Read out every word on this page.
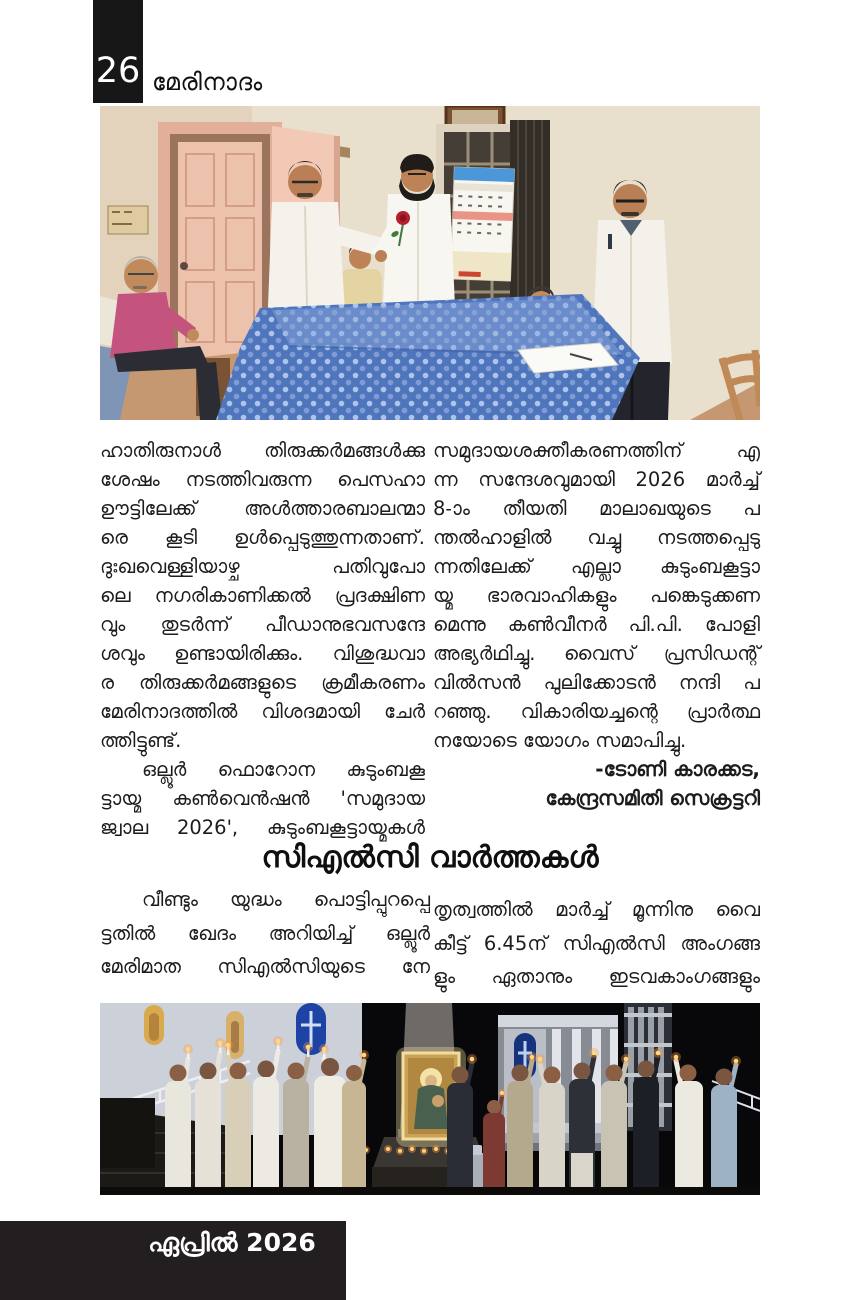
26 മേരിനാദം
ഹാതിരുനാൾ തിരുക്കർമങ്ങൾക്കു
ശേഷം നടത്തിവരുന്ന പെസഹാ
ഊട്ടിലേക്ക് അൾത്താരബാലന്മാ
രെ കൂടി ഉൾപ്പെടുത്തുന്നതാണ്.
ദുഃഖവെള്ളിയാഴ്ച	പതിവുപോ
ലെ നഗരികാണിക്കൽ പ്രദക്ഷിണ
വും തുടർന്ന് പീഡാനുഭവസന്ദേ
ശവും ഉണ്ടായിരിക്കും. വിശുദ്ധവാ
ര തിരുക്കർമങ്ങളുടെ ക്രമീകരണം
മേരിനാദത്തിൽ വിശദമായി ചേർ
ത്തിട്ടുണ്ട്.
ഒല്ലൂർ ഫൊറോന കുടുംബകൂ
ട്ടായ്മ കൺവെൻഷൻ 'സമുദായ
ജ്വാല 2026', കുടുംബകൂട്ടായ്മകൾ
സമുദായശക്തീകരണത്തിന്	എ
ന്ന സന്ദേശവുമായി 2026 മാർച്ച്
8-ാം തീയതി മാലാഖയുടെ പ
ന്തൽഹാളിൽ വച്ചു നടത്തപ്പെടു
ന്നതിലേക്ക് എല്ലാ കുടുംബകൂട്ടാ
യ്മ ഭാരവാഹികളും പങ്കെടുക്കണ
മെന്നു കൺവീനർ പി.പി. പോളി
അഭ്യർഥിച്ചു. വൈസ് പ്രസിഡന്റ്
വിൽസൻ പുലിക്കോടൻ നന്ദി പ
റഞ്ഞു. വികാരിയച്ചന്റെ പ്രാർത്ഥ
നയോടെ യോഗം സമാപിച്ചു.
-ടോണി കാരക്കട,
കേന്ദ്രസമിതി സെക്രട്ടറി
സിഎൽസി വാർത്തകൾ
വീണ്ടും യുദ്ധം പൊട്ടിപ്പുറപ്പെ
ട്ടതിൽ ഖേദം അറിയിച്ച് ഒല്ലൂർ
മേരിമാത സിഎൽസിയുടെ നേ
തൃത്വത്തിൽ മാർച്ച് മൂന്നിനു വൈ
കീട്ട് 6.45ന് സിഎൽസി അംഗങ്ങ
ളും ഏതാനും ഇടവകാംഗങ്ങളും
ഏപ്രിൽ 2026
